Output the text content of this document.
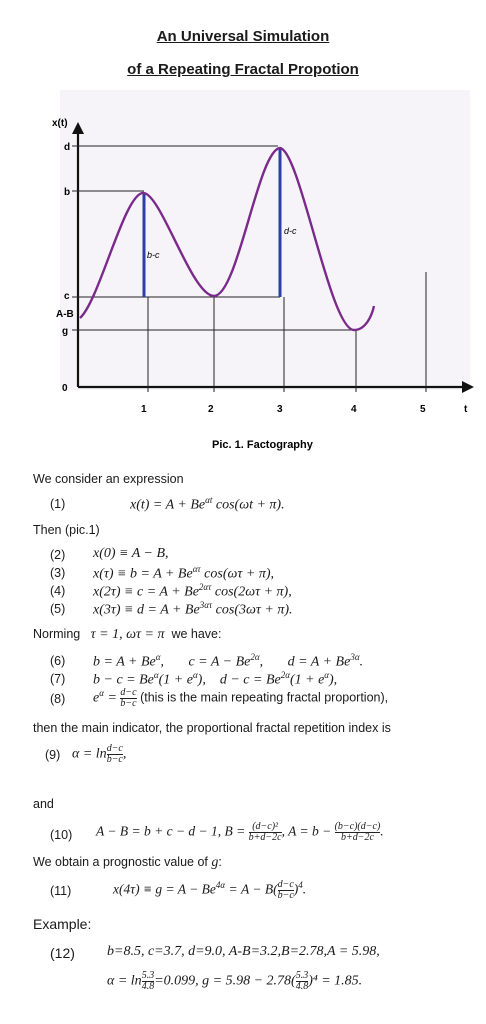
An Universal Simulation
of a Repeating Fractal Propotion
x(t)
d
b
c
A-B
g
0
1	2	3	4	5	t
b-c
d-c
Pic. 1. Factography
We consider an expression
(1)	$x(t) = A + Be^{\alpha t}$ cos(ωt + π).
Then (pic.1)
(2) x(0) ≡ A − B,
(3) $x(\tau) \equiv b = A + Be^{\alpha\tau}$ cos(ωτ + π),
(4) $x(2\tau) \equiv c = A + Be^{2\alpha\tau}$ cos(2ωτ + π),
(5) $x(3\tau) \equiv d = A + Be^{3\alpha\tau}$ cos(3ωτ + π).
Norming τ = 1, ωτ = π we have:
(6) $b = A + Be^\alpha$,       $c = A - Be^{2\alpha}$,       $d = A + Be^{3\alpha}$.
(7) $b - c = Be^\alpha(1 + e^\alpha)$,    $d - c = Be^{2\alpha}(1 + e^\alpha)$,
(8) $e^\alpha = \frac{d-c}{b-c}$ (this is the main repeating fractal proportion),
then the main indicator, the proportional fractal repetition index is
(9) $\alpha = \ln \frac{d-c}{b-c}$ ,
and
(10) A − B = b + c − d − 1, $B = \frac{\text{(d−c)²}}{b+d-2c}$ , $A = b - \frac{(b-c)(d-c)}{b+d-2c}$ .
We obtain a prognostic value of g:
(11)	$x(4\tau) \equiv g = A - Be^{4\alpha} = A - B( \frac{d-c}{b-c} )^4$.
Example:
(12) b=8.5, c=3.7, d=9.0, A-B=3.2,B=2.78,A = 5.98,
$\alpha = \ln \frac{5.3}{4.8} =0.099$, $g = 5.98 - 2.78( \frac{5.3}{4.8} )^4 = 1.85$.
